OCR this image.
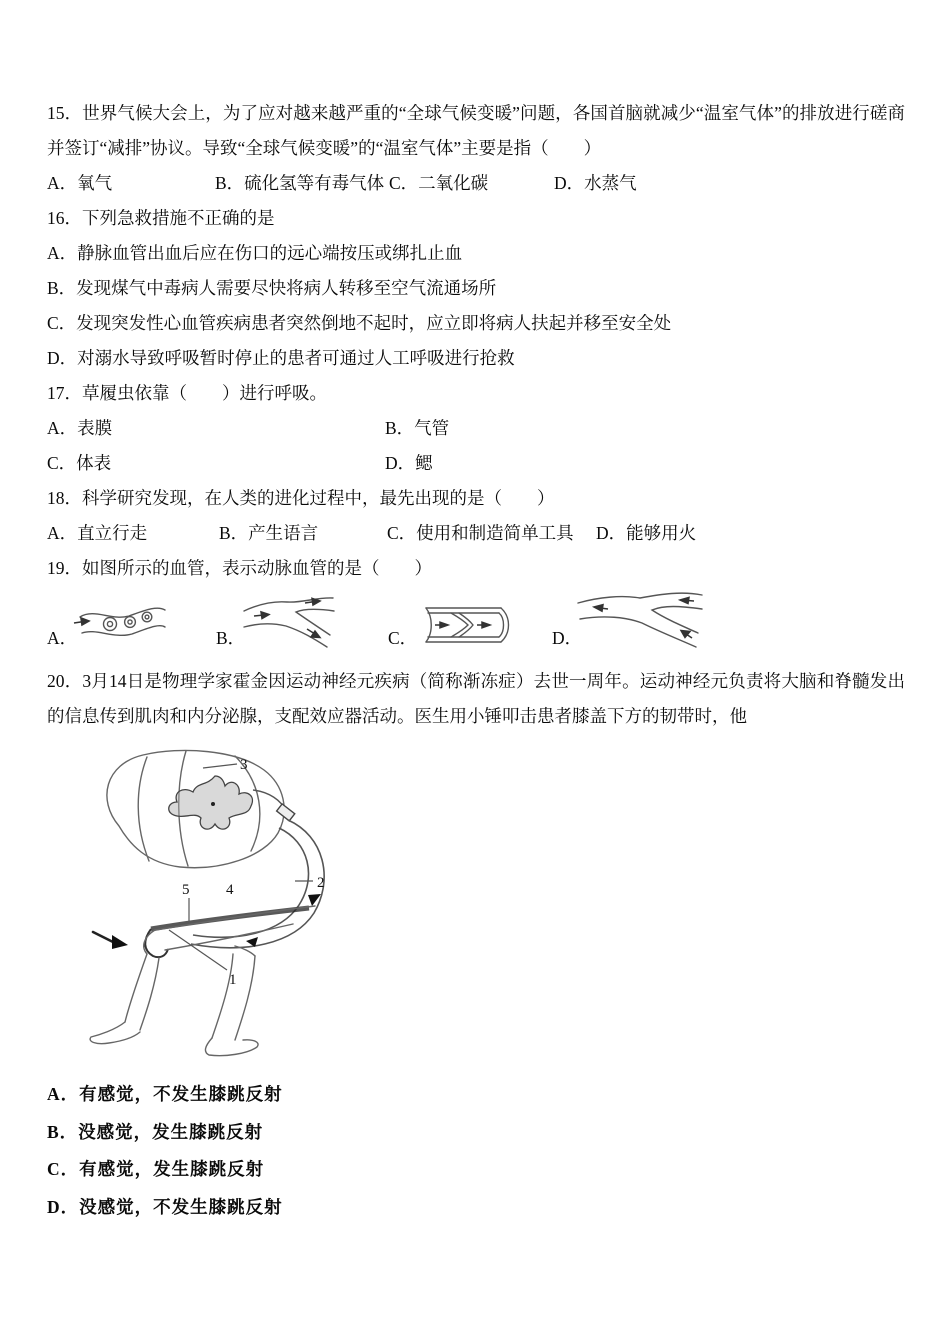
15．世界气候大会上，为了应对越来越严重的“全球气候变暖”问题，各国首脑就减少“温室气体”的排放进行磋商并签订“减排”协议。导致“全球气候变暖”的“温室气体”主要是指（　　）

A．氧气	B．硫化氢等有毒气体 C．二氧化碳	D．水蒸气

16．下列急救措施不正确的是

A．静脉血管出血后应在伤口的远心端按压或绑扎止血

B．发现煤气中毒病人需要尽快将病人转移至空气流通场所

C．发现突发性心血管疾病患者突然倒地不起时，应立即将病人扶起并移至安全处

D．对溺水导致呼吸暂时停止的患者可通过人工呼吸进行抢救

17．草履虫依靠（　　）进行呼吸。

A．表膜	B．气管
C．体表	D．鳃

18．科学研究发现，在人类的进化过程中，最先出现的是（　　）

A．直立行走	B．产生语言	C．使用和制造简单工具	D．能够用火

19．如图所示的血管，表示动脉血管的是（　　）

A．	B．	C．	D．

20．3月14日是物理学家霍金因运动神经元疾病（简称渐冻症）去世一周年。运动神经元负责将大脑和脊髓发出的信息传到肌肉和内分泌腺，支配效应器活动。医生用小锤叩击患者膝盖下方的韧带时，他

3
2
5 4
1

A．有感觉，不发生膝跳反射

B．没感觉，发生膝跳反射

C．有感觉，发生膝跳反射

D．没感觉，不发生膝跳反射
